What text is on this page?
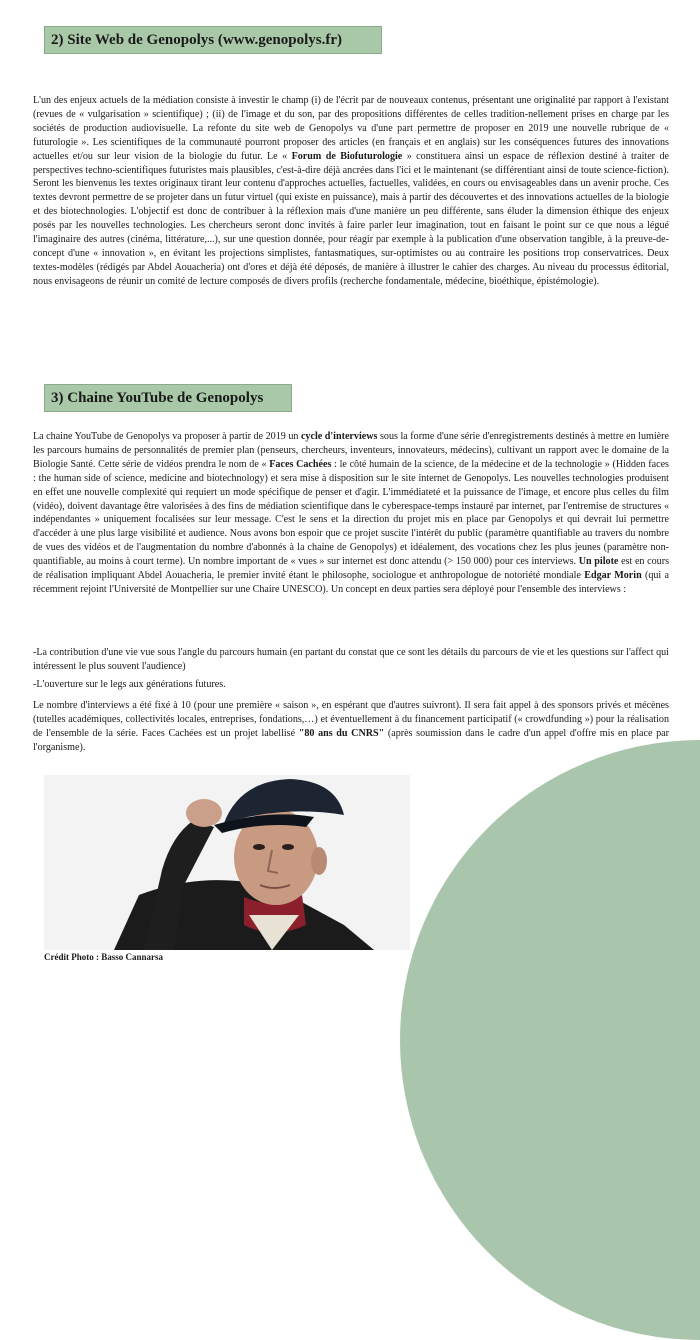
2) Site Web de Genopolys (www.genopolys.fr)

L'un des enjeux actuels de la médiation consiste à investir le champ (i) de l'écrit par de nouveaux contenus, présentant une originalité par rapport à l'existant (revues de « vulgarisation » scientifique) ; (ii) de l'image et du son, par des propositions différentes de celles tradition-nellement prises en charge par les sociétés de production audiovisuelle. La refonte du site web de Genopolys va d'une part permettre de proposer en 2019 une nouvelle rubrique de « futurologie ». Les scientifiques de la communauté pourront proposer des articles (en français et en anglais) sur les conséquences futures des innovations actuelles et/ou sur leur vision de la biologie du futur. Le « Forum de Biofuturologie » constituera ainsi un espace de réflexion destiné à traiter de perspectives techno-scientifiques futuristes mais plausibles, c'est-à-dire déjà ancrées dans l'ici et le maintenant (se différentiant ainsi de toute science-fiction). Seront les bienvenus les textes originaux tirant leur contenu d'approches actuelles, factuelles, validées, en cours ou envisageables dans un avenir proche. Ces textes devront permettre de se projeter dans un futur virtuel (qui existe en puissance), mais à partir des découvertes et des innovations actuelles de la biologie et des biotechnologies. L'objectif est donc de contribuer à la réflexion mais d'une manière un peu différente, sans éluder la dimension éthique des enjeux posés par les nouvelles technologies. Les chercheurs seront donc invités à faire parler leur imagination, tout en faisant le point sur ce que nous a légué l'imaginaire des autres (cinéma, littérature,...), sur une question donnée, pour réagir par exemple à la publication d'une observation tangible, à la preuve-de-concept d'une « innovation », en évitant les projections simplistes, fantasmatiques, sur-optimistes ou au contraire les positions trop conservatrices. Deux textes-modèles (rédigés par Abdel Aouacheria) ont d'ores et déjà été déposés, de manière à illustrer le cahier des charges. Au niveau du processus éditorial, nous envisageons de réunir un comité de lecture composés de divers profils (recherche fondamentale, médecine, bioéthique, épistémologie).

3) Chaine YouTube de Genopolys

La chaine YouTube de Genopolys va proposer à partir de 2019 un cycle d'interviews sous la forme d'une série d'enregistrements destinés à mettre en lumière les parcours humains de personnalités de premier plan (penseurs, chercheurs, inventeurs, innovateurs, médecins), cultivant un rapport avec le domaine de la Biologie Santé. Cette série de vidéos prendra le nom de « Faces Cachées : le côté humain de la science, de la médecine et de la technologie » (Hidden faces : the human side of science, medicine and biotechnology) et sera mise à disposition sur le site internet de Genopolys. Les nouvelles technologies produisent en effet une nouvelle complexité qui requiert un mode spécifique de penser et d'agir. L'immédiateté et la puissance de l'image, et encore plus celles du film (vidéo), doivent davantage être valorisées à des fins de médiation scientifique dans le cyberespace-temps instauré par internet, par l'entremise de structures « indépendantes » uniquement focalisées sur leur message. C'est le sens et la direction du projet mis en place par Genopolys et qui devrait lui permettre d'accéder à une plus large visibilité et audience. Nous avons bon espoir que ce projet suscite l'intérêt du public (paramètre quantifiable au travers du nombre de vues des vidéos et de l'augmentation du nombre d'abonnés à la chaine de Genopolys) et idéalement, des vocations chez les plus jeunes (paramètre non-quantifiable, au moins à court terme). Un nombre important de « vues » sur internet est donc attendu (> 150 000) pour ces interviews. Un pilote est en cours de réalisation impliquant Abdel Aouacheria, le premier invité étant le philosophe, sociologue et anthropologue de notoriété mondiale Edgar Morin (qui a récemment rejoint l'Université de Montpellier sur une Chaire UNESCO). Un concept en deux parties sera déployé pour l'ensemble des interviews :

-La contribution d'une vie vue sous l'angle du parcours humain (en partant du constat que ce sont les détails du parcours de vie et les questions sur l'affect qui intéressent le plus souvent l'audience)
-L'ouverture sur le legs aux générations futures.

Le nombre d'interviews a été fixé à 10 (pour une première « saison », en espérant que d'autres suivront). Il sera fait appel à des sponsors privés et mécènes (tutelles académiques, collectivités locales, entreprises, fondations,…) et éventuellement à du financement participatif (« crowdfunding ») pour la réalisation de l'ensemble de la série. Faces Cachées est un projet labellisé "80 ans du CNRS" (après soumission dans le cadre d'un appel d'offre mis en place par l'organisme).

Crédit Photo : Basso Cannarsa
